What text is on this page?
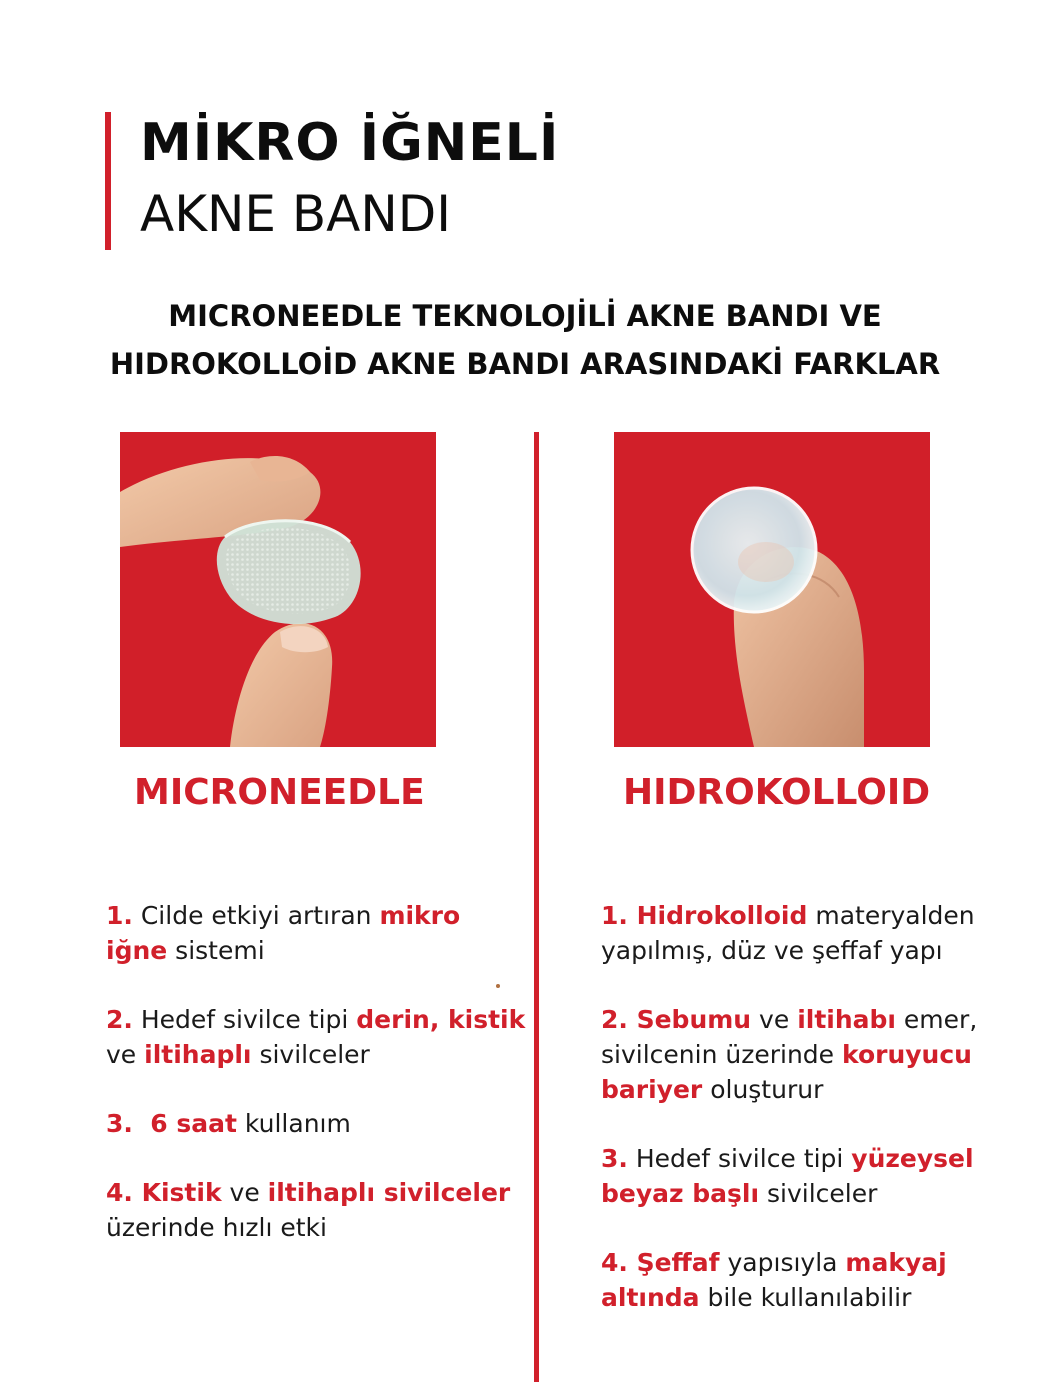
MİKRO İĞNELİ
AKNE BANDI
MICRONEEDLE TEKNOLOJİLİ AKNE BANDI VE
HIDROKOLLOİD AKNE BANDI ARASINDAKİ FARKLAR
MICRONEEDLE	HIDROKOLLOID
1. Cilde etkiyi artıran mikro iğne sistemi
2. Hedef sivilce tipi derin, kistik ve iltihaplı sivilceler
3.  6 saat kullanım
4. Kistik ve iltihaplı sivilceler üzerinde hızlı etki
1. Hidrokolloid materyalden yapılmış, düz ve şeffaf yapı
2. Sebumu ve iltihabı emer, sivilcenin üzerinde koruyucu bariyer oluşturur
3. Hedef sivilce tipi yüzeysel beyaz başlı sivilceler
4. Şeffaf yapısıyla makyaj altında bile kullanılabilir
